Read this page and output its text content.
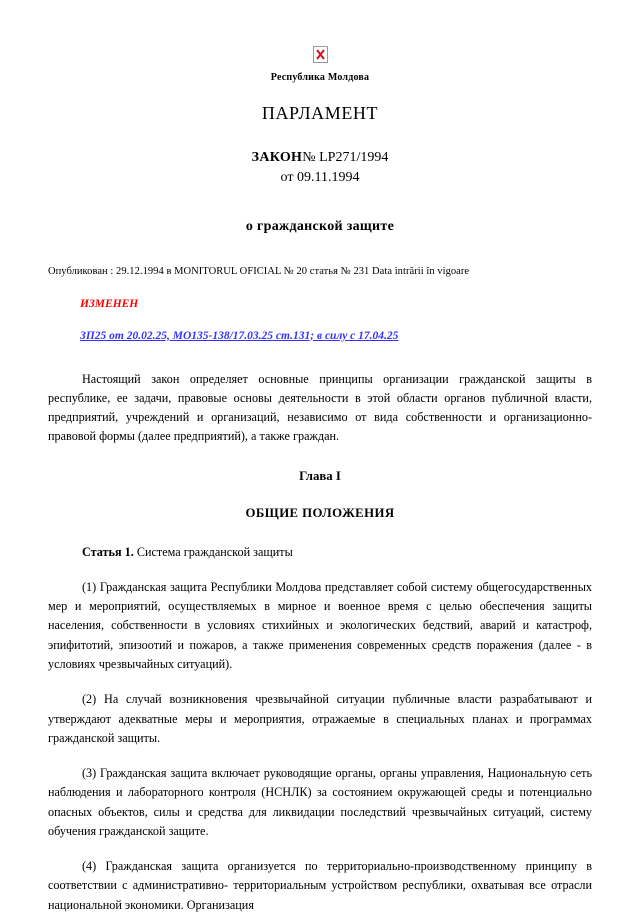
Республика Молдова
ПАРЛАМЕНТ
ЗАКОН№ LP271/1994
от 09.11.1994
о гражданской защите
Опубликован : 29.12.1994 в MONITORUL OFICIAL № 20 статья № 231 Data intrării în vigoare
ИЗМЕНЕН
ЗП25 от 20.02.25, МО135-138/17.03.25 ст.131; в силу с 17.04.25

Настоящий закон определяет основные принципы организации гражданской защиты в республике, ее задачи, правовые основы деятельности в этой области органов публичной власти, предприятий, учреждений и организаций, независимо от вида собственности и организационно-правовой формы (далее предприятий), а также граждан.

Глава I
ОБЩИЕ ПОЛОЖЕНИЯ
Статья 1. Система гражданской защиты

(1) Гражданская защита Республики Молдова представляет собой систему общегосударственных мер и мероприятий, осуществляемых в мирное и военное время с целью обеспечения защиты населения, собственности в условиях стихийных и экологических бедствий, аварий и катастроф, эпифитотий, эпизоотий и пожаров, а также применения современных средств поражения (далее - в условиях чрезвычайных ситуаций).

(2) На случай возникновения чрезвычайной ситуации публичные власти разрабатывают и утверждают адекватные меры и мероприятия, отражаемые в специальных планах и программах гражданской защиты.

(3) Гражданская защита включает руководящие органы, органы управления, Национальную сеть наблюдения и лабораторного контроля (НСНЛК) за состоянием окружающей среды и потенциально опасных объектов, силы и средства для ликвидации последствий чрезвычайных ситуаций, систему обучения гражданской защите.

(4) Гражданская защита организуется по территориально-производственному принципу в соответствии с административно- территориальным устройством республики, охватывая все отрасли национальной экономики. Организация
